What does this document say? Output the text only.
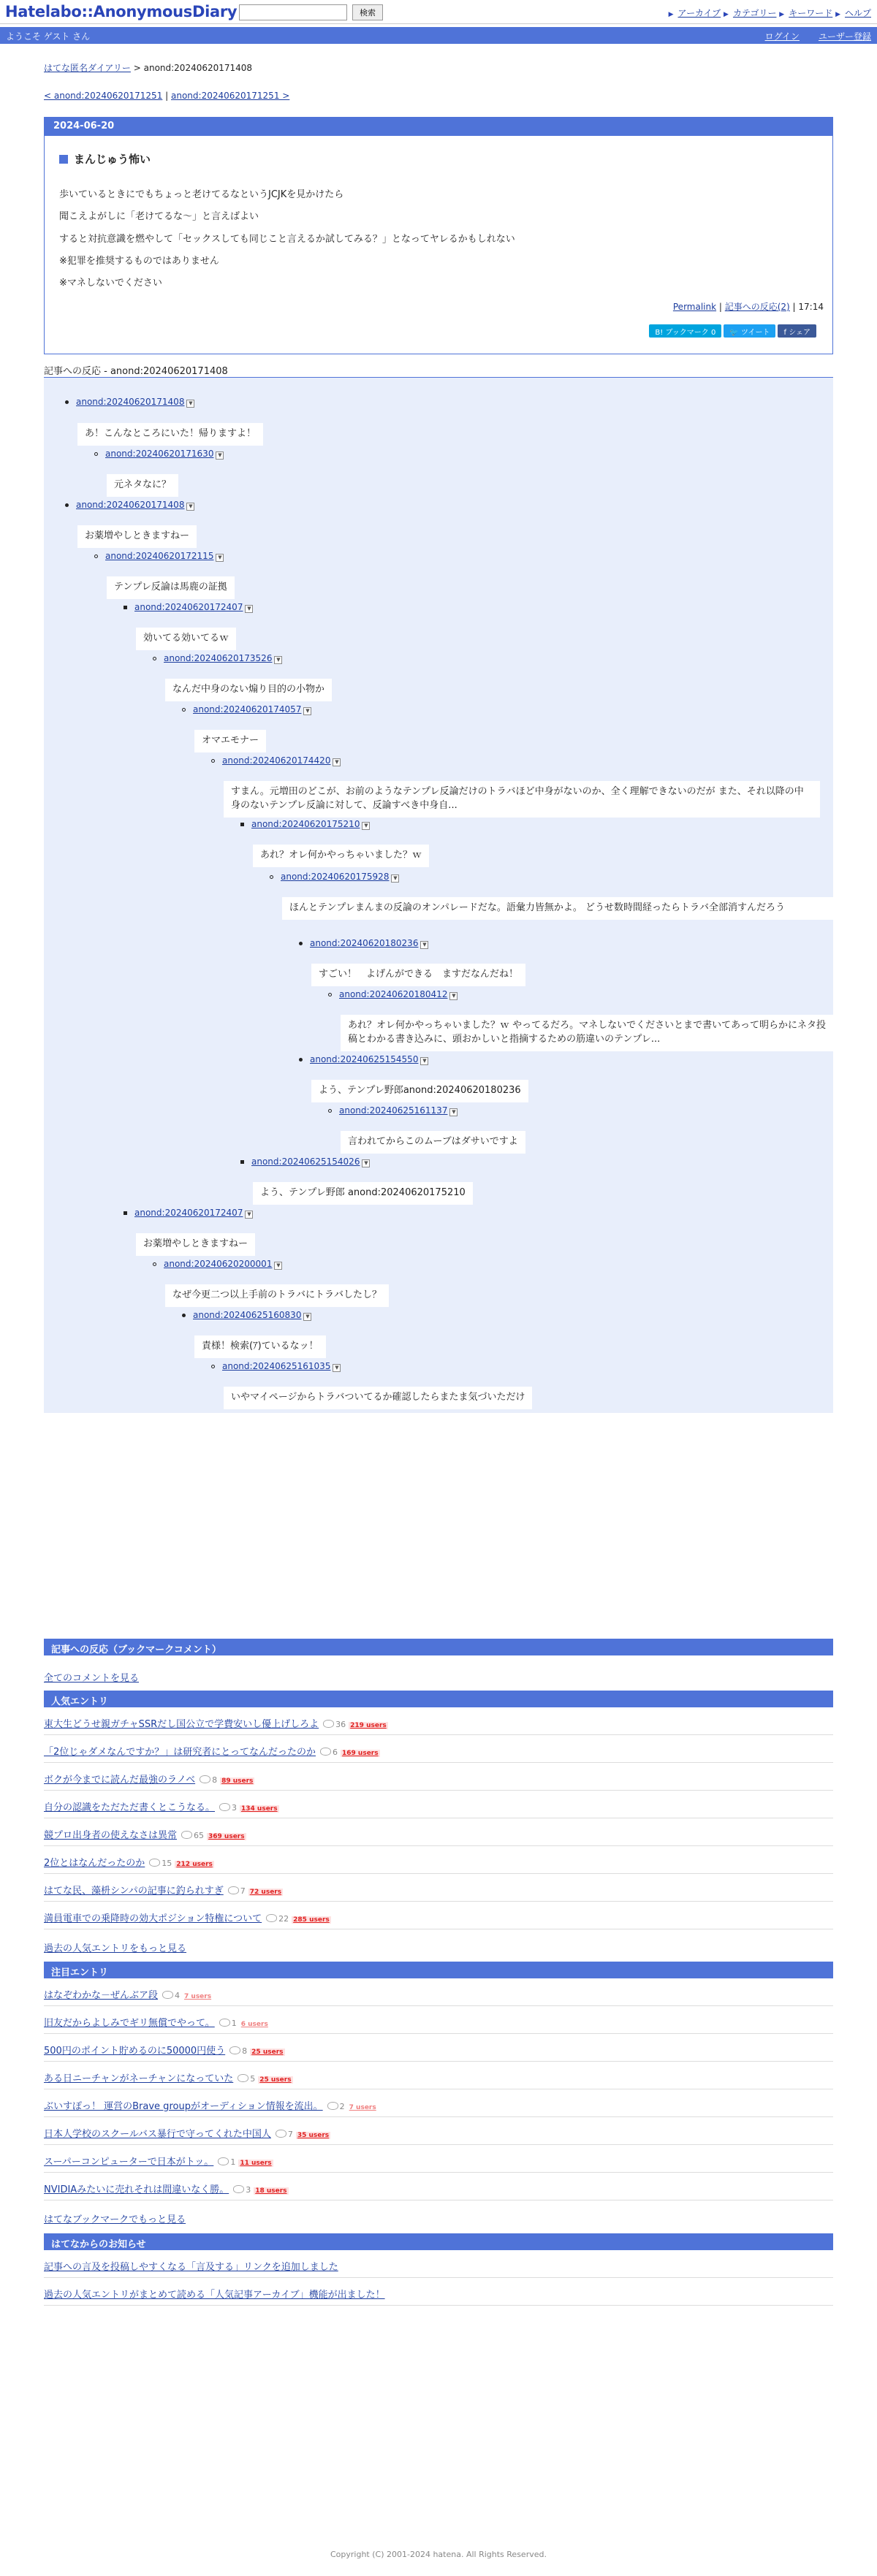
Hatelabo::AnonymousDiary	検索	▶ アーカイブ ▶ カテゴリー ▶ キーワード ▶ ヘルプ
ようこそ ゲスト さん	ログイン ユーザー登録
はてな匿名ダイアリー > anond:20240620171408
< anond:20240620171251 | anond:20240620171251 >
2024-06-20
まんじゅう怖い
歩いているときにでもちょっと老けてるなというJCJKを見かけたら
聞こえよがしに「老けてるな～」と言えばよい
すると対抗意識を燃やして「セックスしても同じこと言えるか試してみる？」となってヤレるかもしれない
※犯罪を推奨するものではありません
※マネしないでください
Permalink | 記事への反応(2) | 17:14
B! ブックマーク 0 🐦 ツイート f シェア
記事への反応 - anond:20240620171408
anond:20240620171408 ▼
あ！こんなところにいた！帰りますよ！
anond:20240620171630 ▼
元ネタなに？
anond:20240620171408 ▼
お薬増やしときますねー
anond:20240620172115 ▼
テンプレ反論は馬鹿の証拠
anond:20240620172407 ▼
効いてる効いてるｗ
anond:20240620173526 ▼
なんだ中身のない煽り目的の小物か
anond:20240620174057 ▼
オマエモナー
anond:20240620174420 ▼
すまん。元増田のどこが、お前のようなテンプレ反論だけのトラバほど中身がないのか、全く理解できないのだが また、それ以降の中身のないテンプレ反論に対して、反論すべき中身自...
anond:20240620175210 ▼
あれ？オレ何かやっちゃいました？ｗ
anond:20240620175928 ▼
ほんとテンプレまんまの反論のオンパレードだな。語彙力皆無かよ。 どうせ数時間経ったらトラバ全部消すんだろう
anond:20240620180236 ▼
すごい！　よげんができる　ますだなんだね！
anond:20240620180412 ▼
あれ？オレ何かやっちゃいました？ｗ やってるだろ。マネしないでくださいとまで書いてあって明らかにネタ投稿とわかる書き込みに、頭おかしいと指摘するための筋違いのテンプレ...
anond:20240625154550 ▼
よう、テンプレ野郎anond:20240620180236
anond:20240625161137 ▼
言われてからこのムーブはダサいですよ
anond:20240625154026 ▼
よう、テンプレ野郎 anond:20240620175210
anond:20240620172407 ▼
お薬増やしときますねー
anond:20240620200001 ▼
なぜ今更二つ以上手前のトラバにトラバしたし？
anond:20240625160830 ▼
責様！検索(ｱ)ているなッ！
anond:20240625161035 ▼
いやマイページからトラバついてるか確認したらまたま気づいただけ
記事への反応（ブックマークコメント）
全てのコメントを見る
人気エントリ
東大生どうせ親ガチャSSRだし国公立で学費安いし優上げしろよ 36 219 users
「2位じゃダメなんですか？」は研究者にとってなんだったのか 6 169 users
ボクが今までに読んだ最強のラノベ 8 89 users
自分の認識をただただ書くとこうなる。 3 134 users
競プロ出身者の使えなさは異常 65 369 users
2位とはなんだったのか 15 212 users
はてな民、藻枡シンパの記事に釣られすぎ 7 72 users
満員電車での乗降時の効大ポジション特権について 22 285 users
過去の人気エントリをもっと見る
注目エントリ
はなぞわかな－ぜんぶア段 4 7 users
旧友だからよしみでギリ無償でやって。 1 6 users
500円のポイント貯めるのに50000円使う 8 25 users
ある日ニーチャンがネーチャンになっていた 5 25 users
ぶいすぽっ！ 運営のBrave groupがオーディション情報を流出。 2 7 users
日本人学校のスクールバス暴行で守ってくれた中国人 7 35 users
スーパーコンピューターで日本がトッ。 1 11 users
NVIDIAみたいに売れそれは間違いなく勝。 3 18 users
はてなブックマークでもっと見る
はてなからのお知らせ
記事への言及を投稿しやすくなる「言及する」リンクを追加しました
過去の人気エントリがまとめて読める「人気記事アーカイブ」機能が出ました！
Copyright (C) 2001-2024 hatena. All Rights Reserved.
